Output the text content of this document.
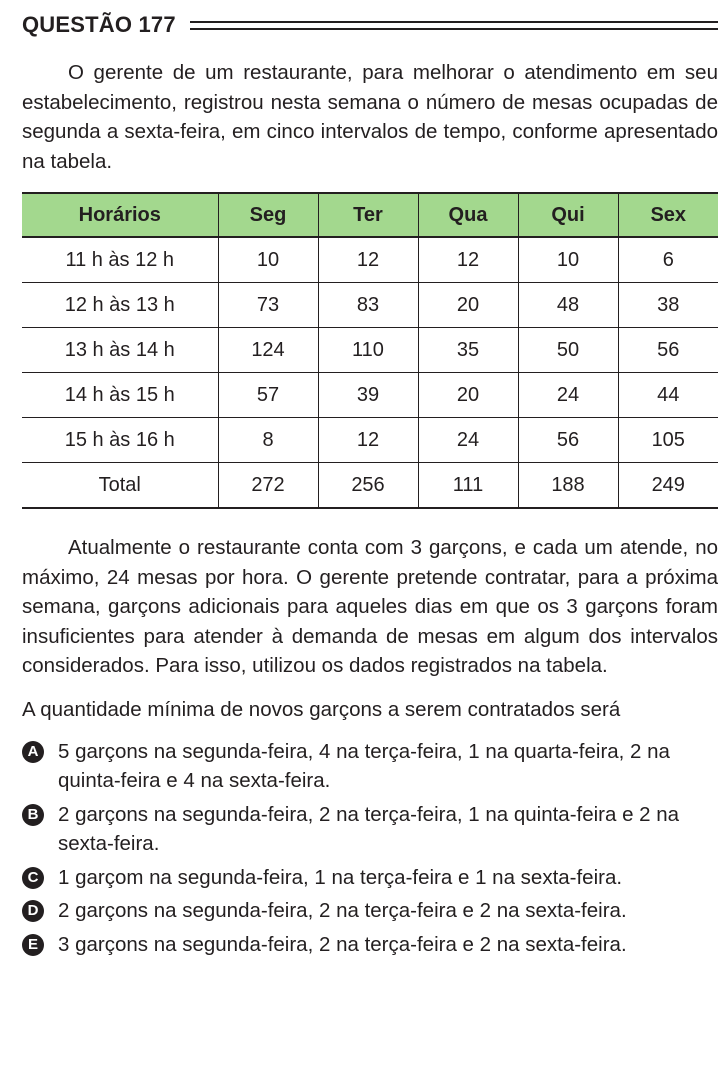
QUESTÃO 177

O gerente de um restaurante, para melhorar o atendimento em seu estabelecimento, registrou nesta semana o número de mesas ocupadas de segunda a sexta-feira, em cinco intervalos de tempo, conforme apresentado na tabela.

Horários	Seg	Ter	Qua	Qui	Sex
11 h às 12 h	10	12	12	10	6
12 h às 13 h	73	83	20	48	38
13 h às 14 h	124	110	35	50	56
14 h às 15 h	57	39	20	24	44
15 h às 16 h	8	12	24	56	105
Total	272	256	111	188	249

Atualmente o restaurante conta com 3 garçons, e cada um atende, no máximo, 24 mesas por hora. O gerente pretende contratar, para a próxima semana, garçons adicionais para aqueles dias em que os 3 garçons foram insuficientes para atender à demanda de mesas em algum dos intervalos considerados. Para isso, utilizou os dados registrados na tabela.

A quantidade mínima de novos garçons a serem contratados será

A 5 garçons na segunda-feira, 4 na terça-feira, 1 na quarta-feira, 2 na quinta-feira e 4 na sexta-feira.
B 2 garçons na segunda-feira, 2 na terça-feira, 1 na quinta-feira e 2 na sexta-feira.
C 1 garçom na segunda-feira, 1 na terça-feira e 1 na sexta-feira.
D 2 garçons na segunda-feira, 2 na terça-feira e 2 na sexta-feira.
E 3 garçons na segunda-feira, 2 na terça-feira e 2 na sexta-feira.
